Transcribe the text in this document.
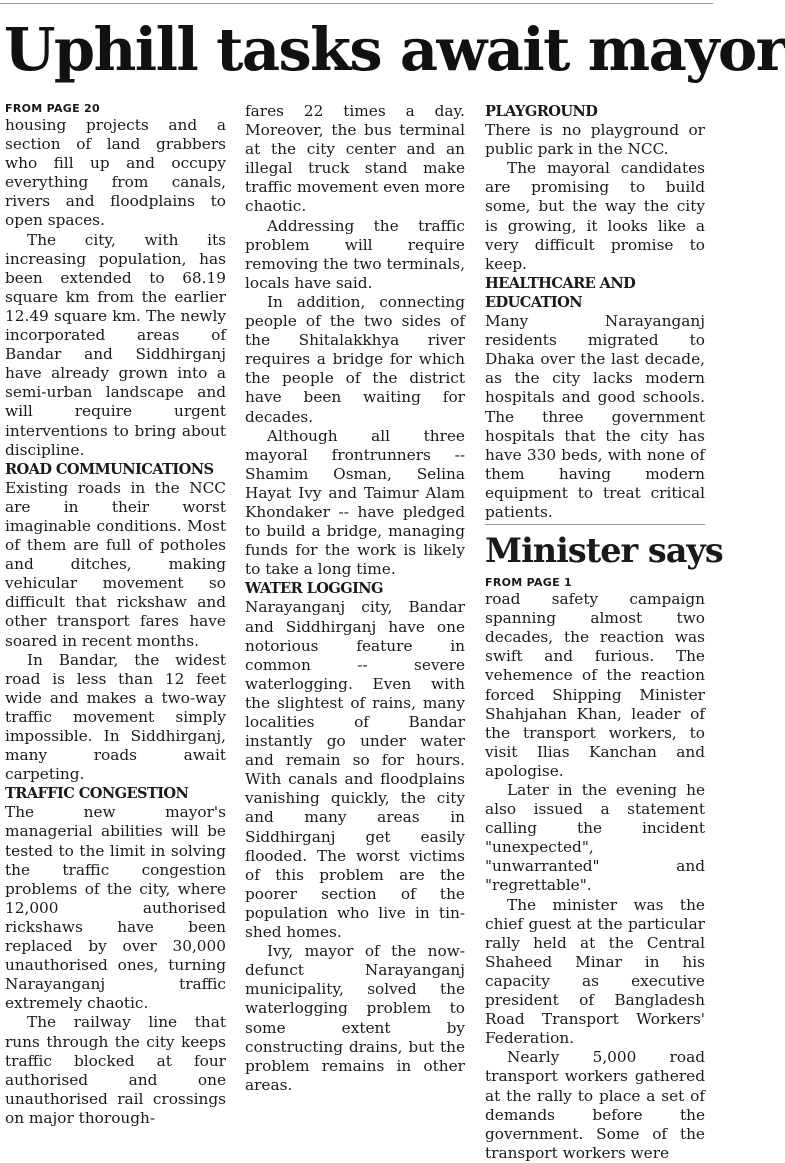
Uphill tasks await mayor

FROM PAGE 20

housing projects and a section of land grabbers who fill up and occupy everything from canals, rivers and floodplains to open spaces.

The city, with its increasing population, has been extended to 68.19 square km from the earlier 12.49 square km. The newly incorporated areas of Bandar and Siddhirganj have already grown into a semi-urban landscape and will require urgent interventions to bring about discipline.

ROAD COMMUNICATIONS

Existing roads in the NCC are in their worst imaginable conditions. Most of them are full of potholes and ditches, making vehicular movement so difficult that rickshaw and other transport fares have soared in recent months.

In Bandar, the widest road is less than 12 feet wide and makes a two-way traffic movement simply impossible. In Siddhirganj, many roads await carpeting.

TRAFFIC CONGESTION

The new mayor's managerial abilities will be tested to the limit in solving the traffic congestion problems of the city, where 12,000 authorised rickshaws have been replaced by over 30,000 unauthorised ones, turning Narayanganj traffic extremely chaotic.

The railway line that runs through the city keeps traffic blocked at four authorised and one unauthorised rail crossings on major thorough-

fares 22 times a day. Moreover, the bus terminal at the city center and an illegal truck stand make traffic movement even more chaotic.

Addressing the traffic problem will require removing the two terminals, locals have said.

In addition, connecting people of the two sides of the Shitalakkhya river requires a bridge for which the people of the district have been waiting for decades.

Although all three mayoral frontrunners -- Shamim Osman, Selina Hayat Ivy and Taimur Alam Khondaker -- have pledged to build a bridge, managing funds for the work is likely to take a long time.

WATER LOGGING

Narayanganj city, Bandar and Siddhirganj have one notorious feature in common -- severe waterlogging. Even with the slightest of rains, many localities of Bandar instantly go under water and remain so for hours. With canals and floodplains vanishing quickly, the city and many areas in Siddhirganj get easily flooded. The worst victims of this problem are the poorer section of the population who live in tin-shed homes.

Ivy, mayor of the now-defunct Narayanganj municipality, solved the waterlogging problem to some extent by constructing drains, but the problem remains in other areas.

PLAYGROUND

There is no playground or public park in the NCC.

The mayoral candidates are promising to build some, but the way the city is growing, it looks like a very difficult promise to keep.

HEALTHCARE AND EDUCATION

Many Narayanganj residents migrated to Dhaka over the last decade, as the city lacks modern hospitals and good schools. The three government hospitals that the city has have 330 beds, with none of them having modern equipment to treat critical patients.

Minister says

FROM PAGE 1

road safety campaign spanning almost two decades, the reaction was swift and furious. The vehemence of the reaction forced Shipping Minister Shahjahan Khan, leader of the transport workers, to visit Ilias Kanchan and apologise.

Later in the evening he also issued a statement calling the incident "unexpected", "unwarranted" and "regrettable".

The minister was the chief guest at the particular rally held at the Central Shaheed Minar in his capacity as executive president of Bangladesh Road Transport Workers' Federation.

Nearly 5,000 road transport workers gathered at the rally to place a set of demands before the government. Some of the transport workers were
